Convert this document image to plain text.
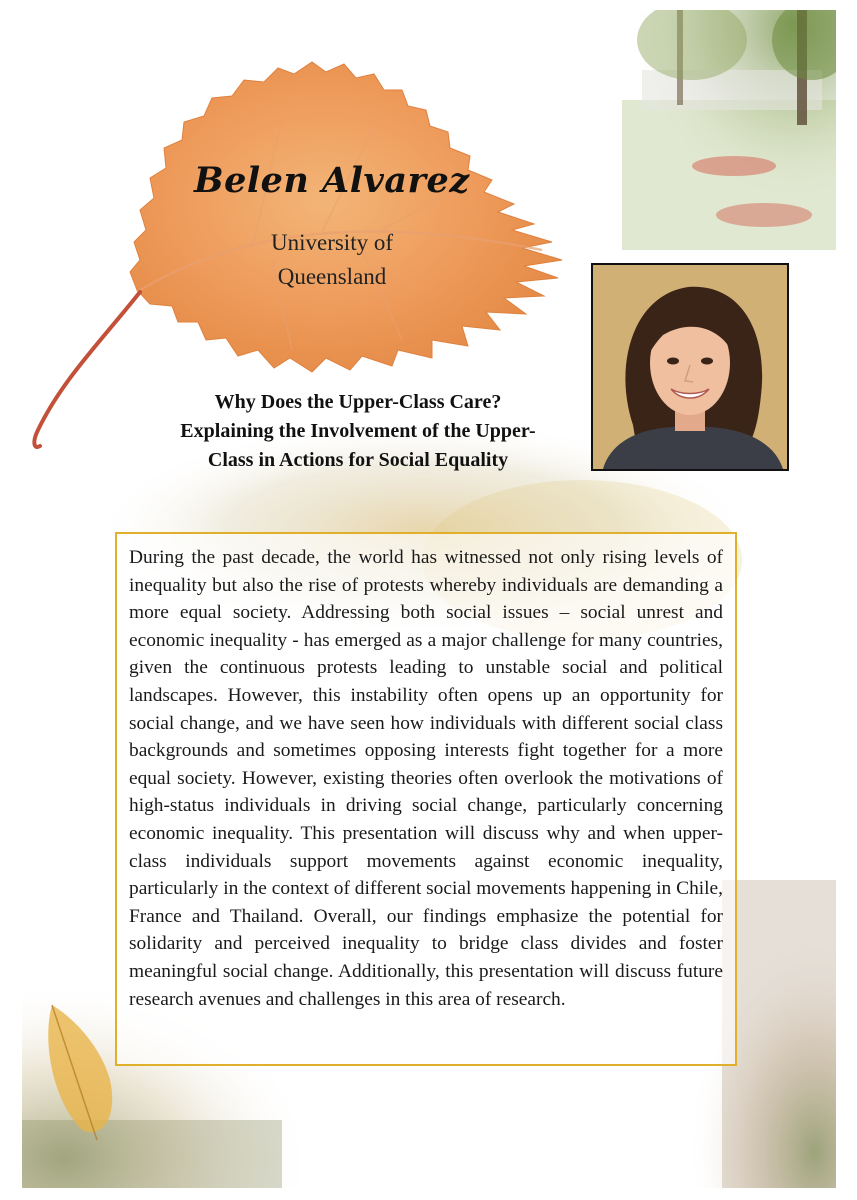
Belen Alvarez
University of
Queensland
Why Does the Upper-Class Care?
Explaining the Involvement of the Upper-
Class in Actions for Social Equality

During the past decade, the world has witnessed not only rising levels of inequality but also the rise of protests whereby individuals are demanding a more equal society. Addressing both social issues – social unrest and economic inequality - has emerged as a major challenge for many countries, given the continuous protests leading to unstable social and political landscapes. However, this instability often opens up an opportunity for social change, and we have seen how individuals with different social class backgrounds and sometimes opposing interests fight together for a more equal society. However, existing theories often overlook the motivations of high-status individuals in driving social change, particularly concerning economic inequality. This presentation will discuss why and when upper-class individuals support movements against economic inequality, particularly in the context of different social movements happening in Chile, France and Thailand. Overall, our findings emphasize the potential for solidarity and perceived inequality to bridge class divides and foster meaningful social change. Additionally, this presentation will discuss future research avenues and challenges in this area of research.
